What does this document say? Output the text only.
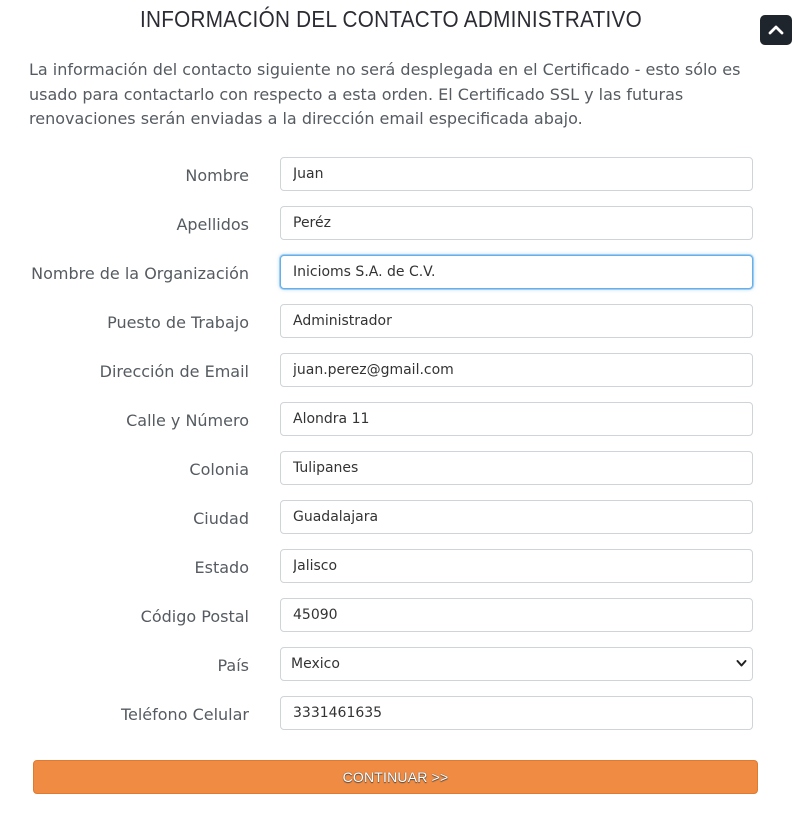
INFORMACIÓN DEL CONTACTO ADMINISTRATIVO

La información del contacto siguiente no será desplegada en el Certificado - esto sólo es usado para contactarlo con respecto a esta orden. El Certificado SSL y las futuras renovaciones serán enviadas a la dirección email especificada abajo.

Nombre
Juan
Apellidos
Peréz
Nombre de la Organización
Inicioms S.A. de C.V.
Puesto de Trabajo
Administrador
Dirección de Email
juan.perez@gmail.com
Calle y Número
Alondra 11
Colonia
Tulipanes
Ciudad
Guadalajara
Estado
Jalisco
Código Postal
45090
País
Mexico
Teléfono Celular
3331461635
CONTINUAR >>
